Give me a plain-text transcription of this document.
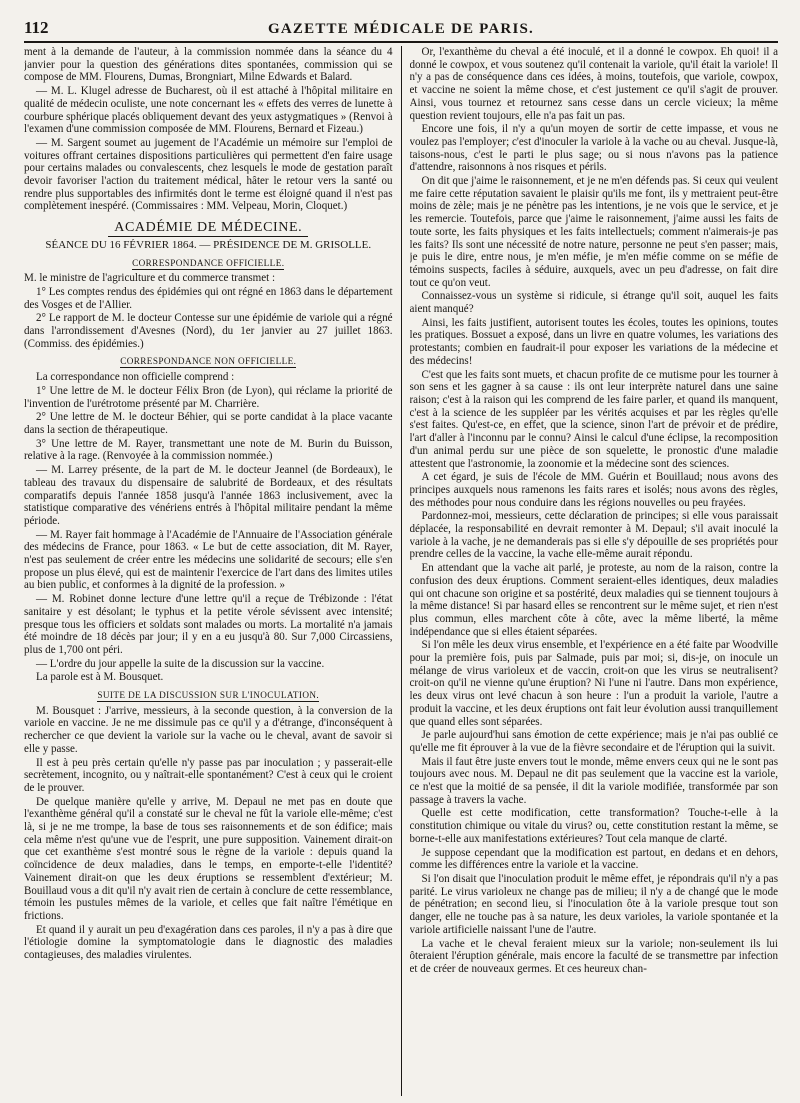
112	GAZETTE MÉDICALE DE PARIS.

ment à la demande de l'auteur, à la commission nommée dans la séance du 4 janvier pour la question des générations dites spontanées, commission qui se compose de MM. Flourens, Dumas, Brongniart, Milne Edwards et Balard.

— M. L. Klugel adresse de Bucharest, où il est attaché à l'hôpital militaire en qualité de médecin oculiste, une note concernant les « effets des verres de lunette à courbure sphérique placés obliquement devant des yeux astygmatiques » (Renvoi à l'examen d'une commission composée de MM. Flourens, Bernard et Fizeau.)

— M. Sargent soumet au jugement de l'Académie un mémoire sur l'emploi de voitures offrant certaines dispositions particulières qui permettent d'en faire usage pour certains malades ou convalescents, chez lesquels le mode de gestation paraît devoir favoriser l'action du traitement médical, hâter le retour vers la santé ou rendre plus supportables des infirmités dont le terme est éloigné quand il n'est pas complètement inespéré. (Commissaires : MM. Velpeau, Morin, Cloquet.)

ACADÉMIE DE MÉDECINE.
SÉANCE DU 16 FÉVRIER 1864. — PRÉSIDENCE DE M. GRISOLLE.
CORRESPONDANCE OFFICIELLE.

M. le ministre de l'agriculture et du commerce transmet :

1° Les comptes rendus des épidémies qui ont régné en 1863 dans le département des Vosges et de l'Allier.

2° Le rapport de M. le docteur Contesse sur une épidémie de variole qui a régné dans l'arrondissement d'Avesnes (Nord), du 1er janvier au 27 juillet 1863. (Commiss. des épidémies.)

CORRESPONDANCE NON OFFICIELLE.

La correspondance non officielle comprend :

1° Une lettre de M. le docteur Félix Bron (de Lyon), qui réclame la priorité de l'invention de l'urétrotome présenté par M. Charrière.

2° Une lettre de M. le docteur Béhier, qui se porte candidat à la place vacante dans la section de thérapeutique.

3° Une lettre de M. Rayer, transmettant une note de M. Burin du Buisson, relative à la rage. (Renvoyée à la commission nommée.)

— M. Larrey présente, de la part de M. le docteur Jeannel (de Bordeaux), le tableau des travaux du dispensaire de salubrité de Bordeaux, et des résultats comparatifs depuis l'année 1858 jusqu'à l'année 1863 inclusivement, avec la statistique comparative des vénériens entrés à l'hôpital militaire pendant la même période.

— M. Rayer fait hommage à l'Académie de l'Annuaire de l'Association générale des médecins de France, pour 1863. « Le but de cette association, dit M. Rayer, n'est pas seulement de créer entre les médecins une solidarité de secours; elle s'en propose un plus élevé, qui est de maintenir l'exercice de l'art dans des limites utiles au bien public, et conformes à la dignité de la profession. »

— M. Robinet donne lecture d'une lettre qu'il a reçue de Trébizonde : l'état sanitaire y est désolant; le typhus et la petite vérole sévissent avec intensité; presque tous les officiers et soldats sont malades ou morts. La mortalité n'a jamais été moindre de 18 décès par jour; il y en a eu jusqu'à 80. Sur 7,000 Circassiens, plus de 1,700 ont péri.

— L'ordre du jour appelle la suite de la discussion sur la vaccine.

La parole est à M. Bousquet.

SUITE DE LA DISCUSSION SUR L'INOCULATION.

M. Bousquet : J'arrive, messieurs, à la seconde question, à la conversion de la variole en vaccine. Je ne me dissimule pas ce qu'il y a d'étrange, d'inconséquent à rechercher ce que devient la variole sur la vache ou le cheval, avant de savoir si elle y passe.

Il est à peu près certain qu'elle n'y passe pas par inoculation ; y passerait-elle secrètement, incognito, ou y naîtrait-elle spontanément? C'est à ceux qui le croient de le prouver.

De quelque manière qu'elle y arrive, M. Depaul ne met pas en doute que l'exanthème général qu'il a constaté sur le cheval ne fût la variole elle-même; c'est là, si je ne me trompe, la base de tous ses raisonnements et de son édifice; mais cela même n'est qu'une vue de l'esprit, une pure supposition. Vainement dirait-on que cet exanthème s'est montré sous le règne de la variole : depuis quand la coïncidence de deux maladies, dans le temps, en emporte-t-elle l'identité? Vainement dirait-on que les deux éruptions se ressemblent d'extérieur; M. Bouillaud vous a dit qu'il n'y avait rien de certain à conclure de cette ressemblance, témoin les pustules mêmes de la variole, et celles que fait naître l'émétique en frictions.

Et quand il y aurait un peu d'exagération dans ces paroles, il n'y a pas à dire que l'étiologie domine la symptomatologie dans le diagnostic des maladies contagieuses, des maladies virulentes.

Or, l'exanthème du cheval a été inoculé, et il a donné le cowpox. Eh quoi! il a donné le cowpox, et vous soutenez qu'il contenait la variole, qu'il était la variole! Il n'y a pas de conséquence dans ces idées, à moins, toutefois, que variole, cowpox, et vaccine ne soient la même chose, et c'est justement ce qu'il s'agit de prouver. Ainsi, vous tournez et retournez sans cesse dans un cercle vicieux; la même question revient toujours, elle n'a pas fait un pas.

Encore une fois, il n'y a qu'un moyen de sortir de cette impasse, et vous ne voulez pas l'employer; c'est d'inoculer la variole à la vache ou au cheval. Jusque-là, taisons-nous, c'est le parti le plus sage; ou si nous n'avons pas la patience d'attendre, raisonnons à nos risques et périls.

On dit que j'aime le raisonnement, et je ne m'en défends pas. Si ceux qui veulent me faire cette réputation savaient le plaisir qu'ils me font, ils y mettraient peut-être moins de zèle; mais je ne pénètre pas les intentions, je ne vois que le service, et je les remercie. Toutefois, parce que j'aime le raisonnement, j'aime aussi les faits de toute sorte, les faits physiques et les faits intellectuels; comment n'aimerais-je pas les faits? Ils sont une nécessité de notre nature, personne ne peut s'en passer; mais, je puis le dire, entre nous, je m'en méfie, je m'en méfie comme on se méfie de témoins suspects, faciles à séduire, auxquels, avec un peu d'adresse, on fait dire tout ce qu'on veut.

Connaissez-vous un système si ridicule, si étrange qu'il soit, auquel les faits aient manqué?

Ainsi, les faits justifient, autorisent toutes les écoles, toutes les opinions, toutes les pratiques. Bossuet a exposé, dans un livre en quatre volumes, les variations des protestants; combien en faudrait-il pour exposer les variations de la médecine et des médecins!

C'est que les faits sont muets, et chacun profite de ce mutisme pour les tourner à son sens et les gagner à sa cause : ils ont leur interprète naturel dans une saine raison; c'est à la raison qui les comprend de les faire parler, et quand ils manquent, c'est à la science de les suppléer par les vérités acquises et par les règles qu'elle s'est faites. Qu'est-ce, en effet, que la science, sinon l'art de prévoir et de prédire, l'art d'aller à l'inconnu par le connu? Ainsi le calcul d'une éclipse, la recomposition d'un animal perdu sur une pièce de son squelette, le pronostic d'une maladie attestent que l'astronomie, la zoonomie et la médecine sont des sciences.

A cet égard, je suis de l'école de MM. Guérin et Bouillaud; nous avons des principes auxquels nous ramenons les faits rares et isolés; nous avons des règles, des méthodes pour nous conduire dans les régions nouvelles ou peu frayées.

Pardonnez-moi, messieurs, cette déclaration de principes; si elle vous paraissait déplacée, la responsabilité en devrait remonter à M. Depaul; s'il avait inoculé la variole à la vache, je ne demanderais pas si elle s'y dépouille de ses propriétés pour prendre celles de la vaccine, la vache elle-même aurait répondu.

En attendant que la vache ait parlé, je proteste, au nom de la raison, contre la confusion des deux éruptions. Comment seraient-elles identiques, deux maladies qui ont chacune son origine et sa postérité, deux maladies qui se tiennent toujours à la même distance! Si par hasard elles se rencontrent sur le même sujet, et rien n'est plus commun, elles marchent côte à côte, avec la même liberté, la même indépendance que si elles étaient séparées.

Si l'on mêle les deux virus ensemble, et l'expérience en a été faite par Woodville pour la première fois, puis par Salmade, puis par moi; si, dis-je, on inocule un mélange de virus varioleux et de vaccin, croit-on que les virus se neutralisent? croit-on qu'il ne vienne qu'une éruption? Ni l'une ni l'autre. Dans mon expérience, les deux virus ont levé chacun à son heure : l'un a produit la variole, l'autre a produit la vaccine, et les deux éruptions ont fait leur évolution aussi tranquillement que quand elles sont séparées.

Je parle aujourd'hui sans émotion de cette expérience; mais je n'ai pas oublié ce qu'elle me fit éprouver à la vue de la fièvre secondaire et de l'éruption qui la suivit.

Mais il faut être juste envers tout le monde, même envers ceux qui ne le sont pas toujours avec nous. M. Depaul ne dit pas seulement que la vaccine est la variole, ce n'est que la moitié de sa pensée, il dit la variole modifiée, transformée par son passage à travers la vache.

Quelle est cette modification, cette transformation? Touche-t-elle à la constitution chimique ou vitale du virus? ou, cette constitution restant la même, se borne-t-elle aux manifestations extérieures? Tout cela manque de clarté.

Je suppose cependant que la modification est partout, en dedans et en dehors, comme les différences entre la variole et la vaccine.

Si l'on disait que l'inoculation produit le même effet, je répondrais qu'il n'y a pas parité. Le virus varioleux ne change pas de milieu; il n'y a de changé que le mode de pénétration; en second lieu, si l'inoculation ôte à la variole presque tout son danger, elle ne touche pas à sa nature, les deux varioles, la variole spontanée et la variole artificielle naissant l'une de l'autre.

La vache et le cheval feraient mieux sur la variole; non-seulement ils lui ôteraient l'éruption générale, mais encore la faculté de se transmettre par infection et de créer de nouveaux germes. Et ces heureux chan-
